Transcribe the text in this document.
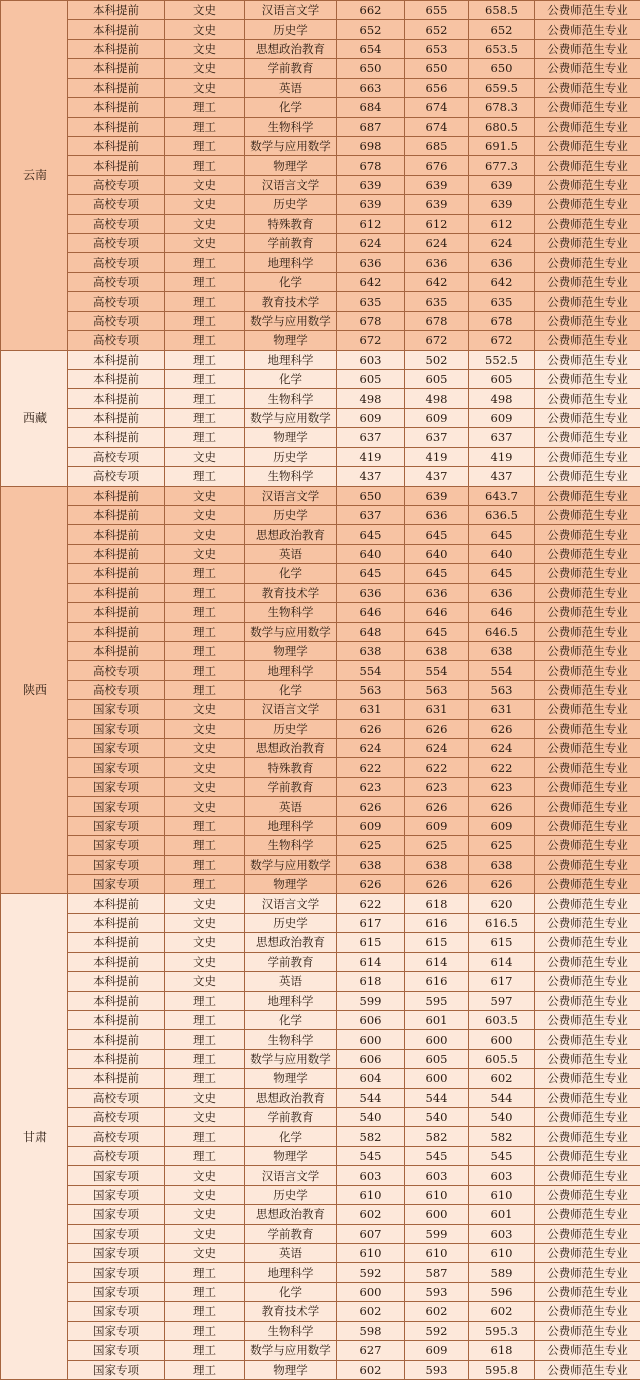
云南	本科提前	文史	汉语言文学	662	655	658.5	公费师范生专业
	本科提前	文史	历史学	652	652	652	公费师范生专业
	本科提前	文史	思想政治教育	654	653	653.5	公费师范生专业
	本科提前	文史	学前教育	650	650	650	公费师范生专业
	本科提前	文史	英语	663	656	659.5	公费师范生专业
	本科提前	理工	化学	684	674	678.3	公费师范生专业
	本科提前	理工	生物科学	687	674	680.5	公费师范生专业
	本科提前	理工	数学与应用数学	698	685	691.5	公费师范生专业
	本科提前	理工	物理学	678	676	677.3	公费师范生专业
	高校专项	文史	汉语言文学	639	639	639	公费师范生专业
	高校专项	文史	历史学	639	639	639	公费师范生专业
	高校专项	文史	特殊教育	612	612	612	公费师范生专业
	高校专项	文史	学前教育	624	624	624	公费师范生专业
	高校专项	理工	地理科学	636	636	636	公费师范生专业
	高校专项	理工	化学	642	642	642	公费师范生专业
	高校专项	理工	教育技术学	635	635	635	公费师范生专业
	高校专项	理工	数学与应用数学	678	678	678	公费师范生专业
	高校专项	理工	物理学	672	672	672	公费师范生专业
西藏	本科提前	理工	地理科学	603	502	552.5	公费师范生专业
	本科提前	理工	化学	605	605	605	公费师范生专业
	本科提前	理工	生物科学	498	498	498	公费师范生专业
	本科提前	理工	数学与应用数学	609	609	609	公费师范生专业
	本科提前	理工	物理学	637	637	637	公费师范生专业
	高校专项	文史	历史学	419	419	419	公费师范生专业
	高校专项	理工	生物科学	437	437	437	公费师范生专业
陕西	本科提前	文史	汉语言文学	650	639	643.7	公费师范生专业
	本科提前	文史	历史学	637	636	636.5	公费师范生专业
	本科提前	文史	思想政治教育	645	645	645	公费师范生专业
	本科提前	文史	英语	640	640	640	公费师范生专业
	本科提前	理工	化学	645	645	645	公费师范生专业
	本科提前	理工	教育技术学	636	636	636	公费师范生专业
	本科提前	理工	生物科学	646	646	646	公费师范生专业
	本科提前	理工	数学与应用数学	648	645	646.5	公费师范生专业
	本科提前	理工	物理学	638	638	638	公费师范生专业
	高校专项	理工	地理科学	554	554	554	公费师范生专业
	高校专项	理工	化学	563	563	563	公费师范生专业
	国家专项	文史	汉语言文学	631	631	631	公费师范生专业
	国家专项	文史	历史学	626	626	626	公费师范生专业
	国家专项	文史	思想政治教育	624	624	624	公费师范生专业
	国家专项	文史	特殊教育	622	622	622	公费师范生专业
	国家专项	文史	学前教育	623	623	623	公费师范生专业
	国家专项	文史	英语	626	626	626	公费师范生专业
	国家专项	理工	地理科学	609	609	609	公费师范生专业
	国家专项	理工	生物科学	625	625	625	公费师范生专业
	国家专项	理工	数学与应用数学	638	638	638	公费师范生专业
	国家专项	理工	物理学	626	626	626	公费师范生专业
甘肃	本科提前	文史	汉语言文学	622	618	620	公费师范生专业
	本科提前	文史	历史学	617	616	616.5	公费师范生专业
	本科提前	文史	思想政治教育	615	615	615	公费师范生专业
	本科提前	文史	学前教育	614	614	614	公费师范生专业
	本科提前	文史	英语	618	616	617	公费师范生专业
	本科提前	理工	地理科学	599	595	597	公费师范生专业
	本科提前	理工	化学	606	601	603.5	公费师范生专业
	本科提前	理工	生物科学	600	600	600	公费师范生专业
	本科提前	理工	数学与应用数学	606	605	605.5	公费师范生专业
	本科提前	理工	物理学	604	600	602	公费师范生专业
	高校专项	文史	思想政治教育	544	544	544	公费师范生专业
	高校专项	文史	学前教育	540	540	540	公费师范生专业
	高校专项	理工	化学	582	582	582	公费师范生专业
	高校专项	理工	物理学	545	545	545	公费师范生专业
	国家专项	文史	汉语言文学	603	603	603	公费师范生专业
	国家专项	文史	历史学	610	610	610	公费师范生专业
	国家专项	文史	思想政治教育	602	600	601	公费师范生专业
	国家专项	文史	学前教育	607	599	603	公费师范生专业
	国家专项	文史	英语	610	610	610	公费师范生专业
	国家专项	理工	地理科学	592	587	589	公费师范生专业
	国家专项	理工	化学	600	593	596	公费师范生专业
	国家专项	理工	教育技术学	602	602	602	公费师范生专业
	国家专项	理工	生物科学	598	592	595.3	公费师范生专业
	国家专项	理工	数学与应用数学	627	609	618	公费师范生专业
	国家专项	理工	物理学	602	593	595.8	公费师范生专业
